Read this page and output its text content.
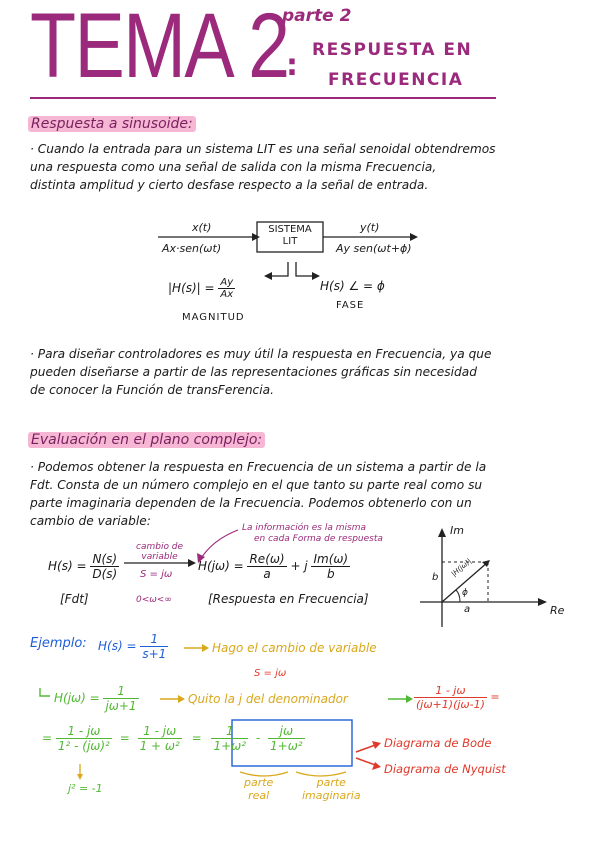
TEMA 2
:
parte 2
RESPUESTA EN
FRECUENCIA
Respuesta a sinusoide:
· Cuando la entrada para un sistema LIT es una señal senoidal obtendremos
una respuesta como una señal de salida con la misma Frecuencia,
distinta amplitud y cierto desfase respecto a la señal de entrada.
x(t)
Ax·sen(ωt)
SISTEMA
LIT
y(t)
Ay sen(ωt+ϕ)
$|H(s)| = \frac{Ay}{Ax}$
MAGNITUD
H(s) ∠ = ϕ
FASE
· Para diseñar controladores es muy útil la respuesta en Frecuencia, ya que
pueden diseñarse a partir de las representaciones gráficas sin necesidad
de conocer la Función de transFerencia.
Evaluación en el plano complejo:
· Podemos obtener la respuesta en Frecuencia de un sistema a partir de la
Fdt. Consta de un número complejo en el que tanto su parte real como su
parte imaginaria dependen de la Frecuencia. Podemos obtenerlo con un
cambio de variable:	La información es la misma
en cada Forma de respuesta
$H(s) = \frac{N(s)}{D(s)}$
cambio de
variable
S = jω
$H(j\omega) = \frac{Re(\omega)}{a} + j \frac{Im(\omega)}{b}$
[Fdt]	0<ω<∞	[Respuesta en Frecuencia]
Im
Re
b
a
|H(jω)|
ϕ
Ejemplo: $H(s) = \frac{1}{s+1}$	Hago el cambio de variable
S = jω
$H(j\omega) = \frac{1}{j\omega+1}$	Quito la j del denominador	$\frac{1 - j\omega}{(j\omega+1)(j\omega-1)}$ =
= $\frac{1 - j\omega}{\text{1² - (jω)²}} = \frac{1 - j\omega}{\text{1 + ω²}} = \frac{1}{\text{1+ω²}} - \frac{j\omega}{\text{1+ω²}}$
j² = -1	parte
real
parte
imaginaria
Diagrama de Bode
Diagrama de Nyquist
